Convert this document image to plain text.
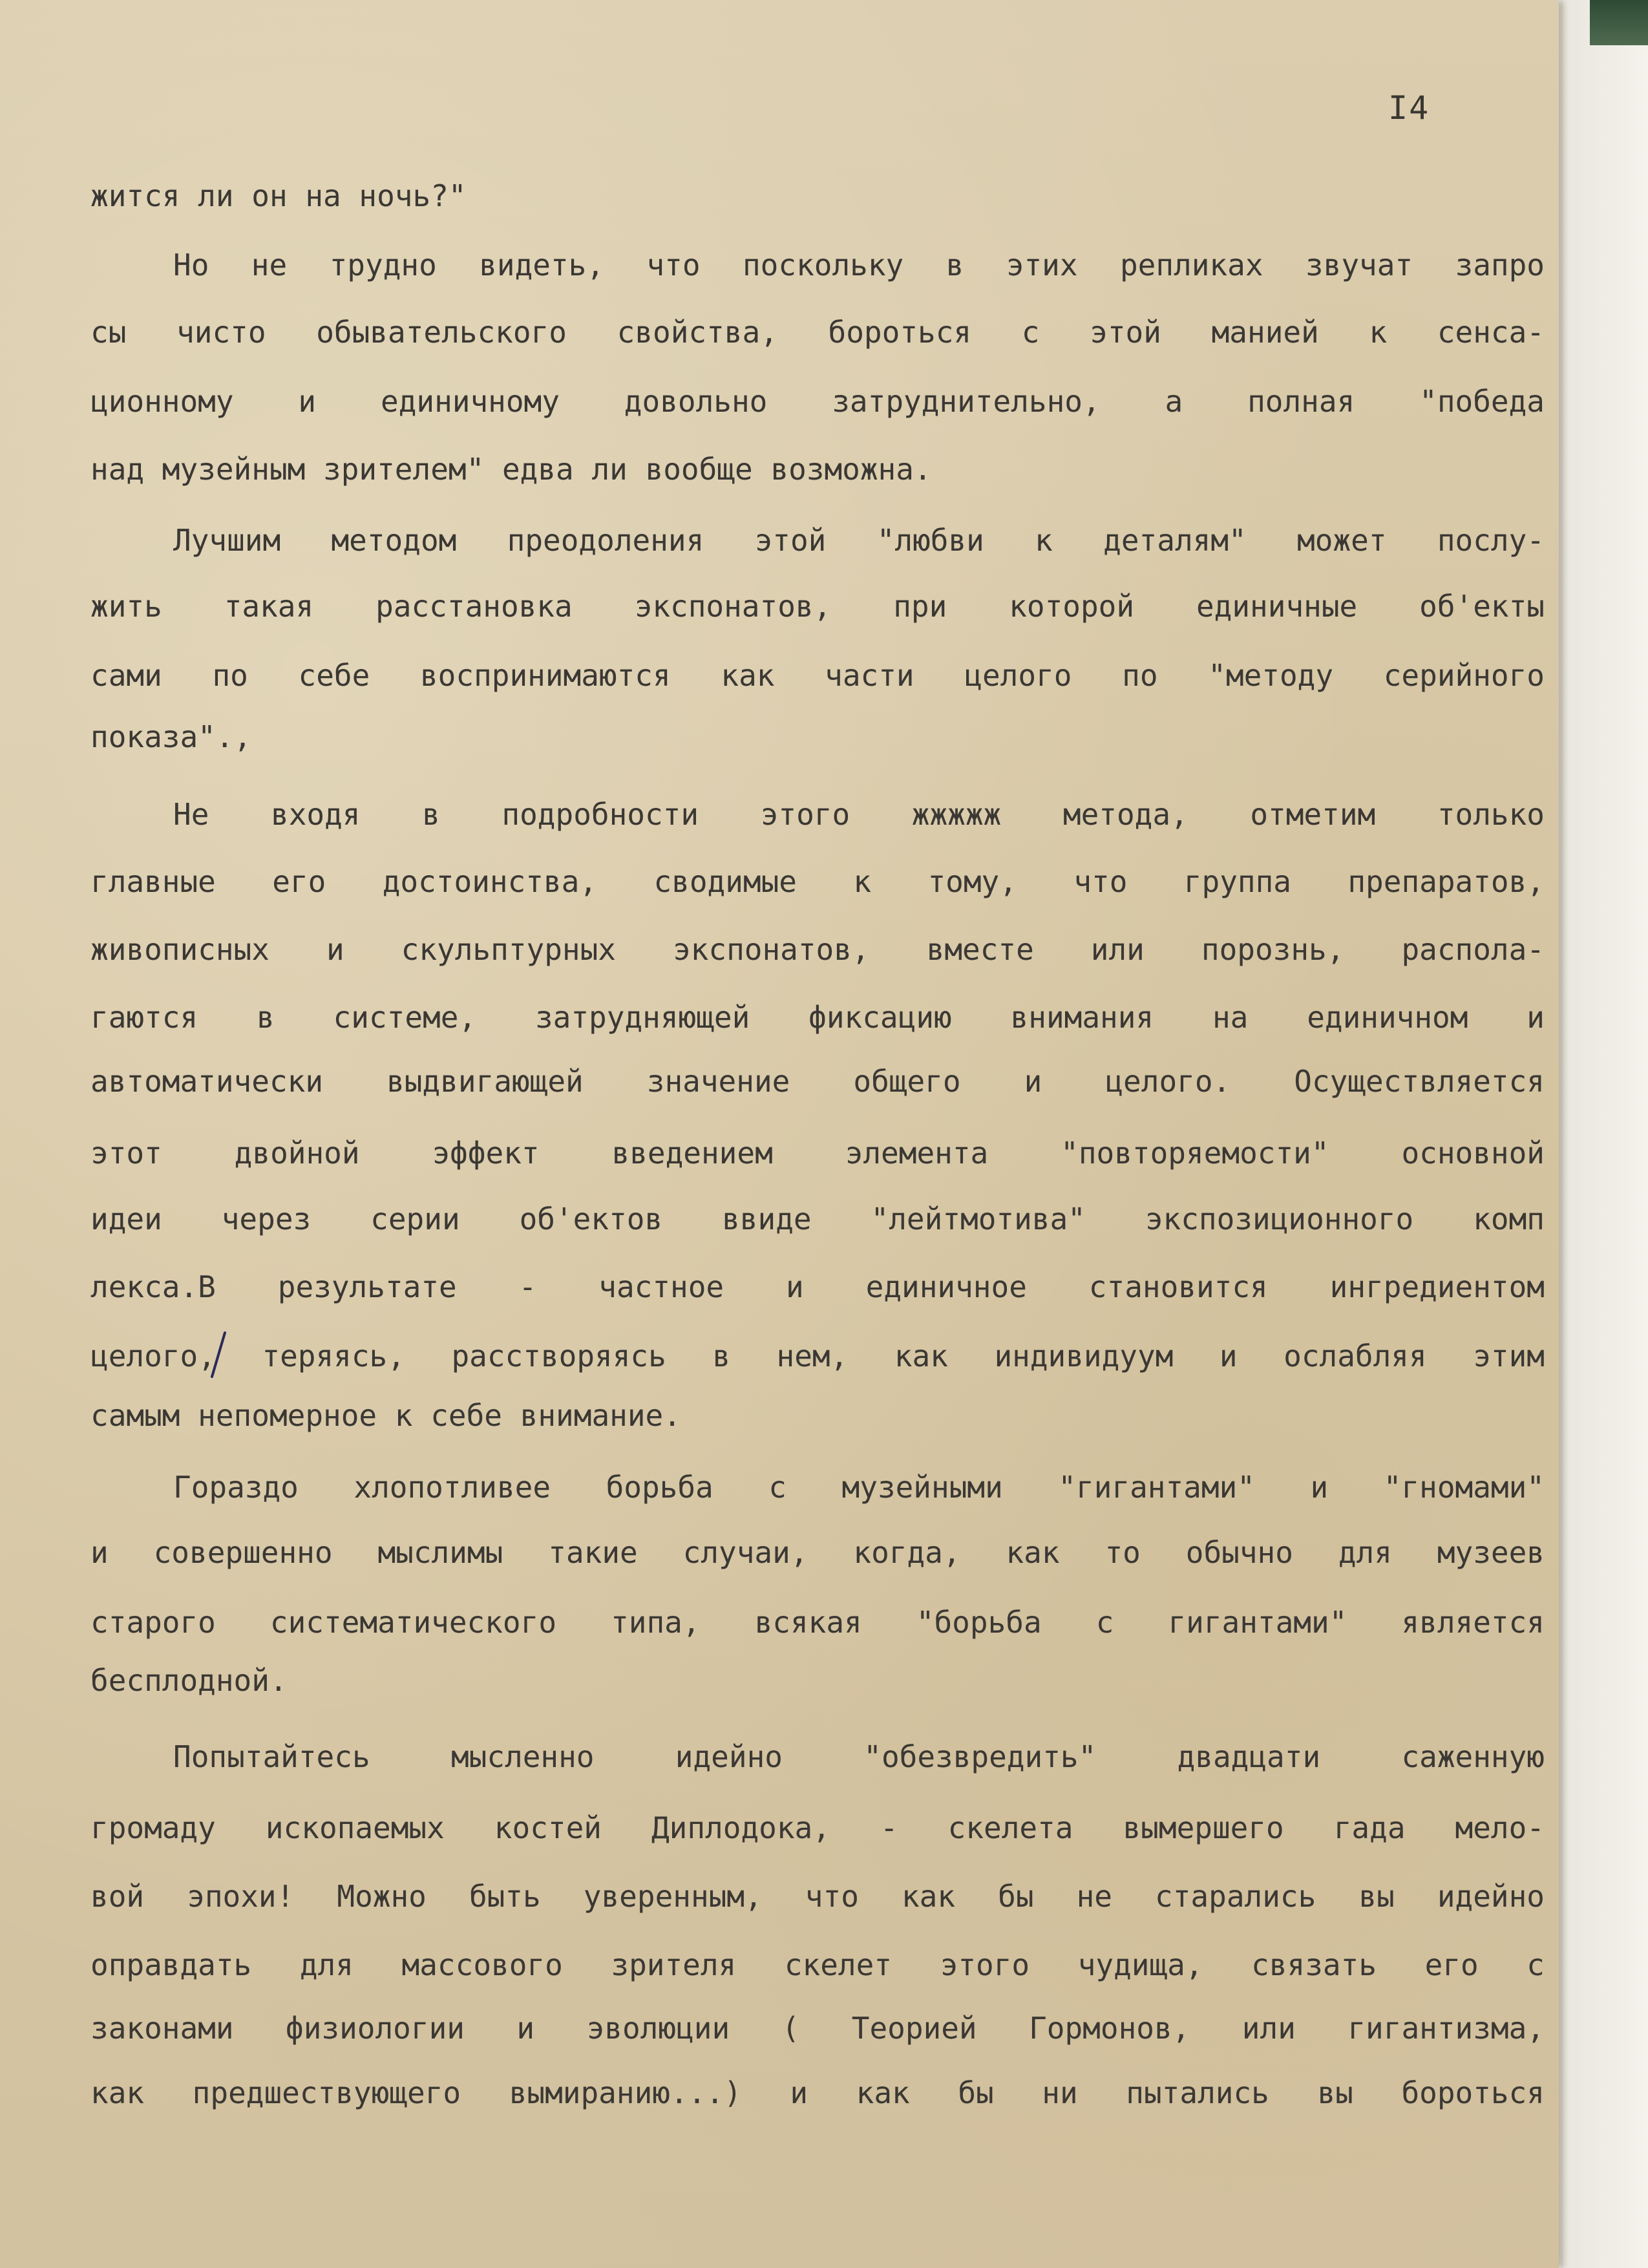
I4

жится ли он на ночь?"

Но не трудно видеть, что поскольку в этих репликах звучат запро

сы чисто обывательского свойства, бороться с этой манией к сенса-

ционному и единичному довольно затруднительно, а полная "победа

над музейным зрителем" едва ли вообще возможна.

Лучшим методом преодоления этой "любви к деталям" может послу-

жить такая расстановка экспонатов, при которой единичные об'екты

сами по себе воспринимаются как части целого по "методу серийного

показа".,

Не входя в подробности этого жжжжж метода, отметим только

главные его достоинства, сводимые к тому, что группа препаратов,

живописных и скульптурных экспонатов, вместе или порознь, распола-

гаются в системе, затрудняющей фиксацию внимания на единичном и

автоматически выдвигающей значение общего и целого. Осуществляется

этот двойной эффект введением элемента "повторяемости" основной

идеи через серии об'ектов ввиде "лейтмотива" экспозиционного комп

лекса.В результате - частное и единичное становится ингредиентом

целого, теряясь, расстворяясь в нем, как индивидуум и ослабляя этим

самым непомерное к себе внимание.

Гораздо хлопотливее борьба с музейными "гигантами" и "гномами"

и совершенно мыслимы такие случаи, когда, как то обычно для музеев

старого систематического типа, всякая "борьба с гигантами" является

бесплодной.

Попытайтесь мысленно идейно "обезвредить" двадцати саженную

громаду ископаемых костей Диплодока, - скелета вымершего гада мело-

вой эпохи! Можно быть уверенным, что как бы не старались вы идейно

оправдать для массового зрителя скелет этого чудища, связать его с

законами физиологии и эволюции ( Теорией Гормонов, или гигантизма,

как предшествующего вымиранию...) и как бы ни пытались вы бороться
